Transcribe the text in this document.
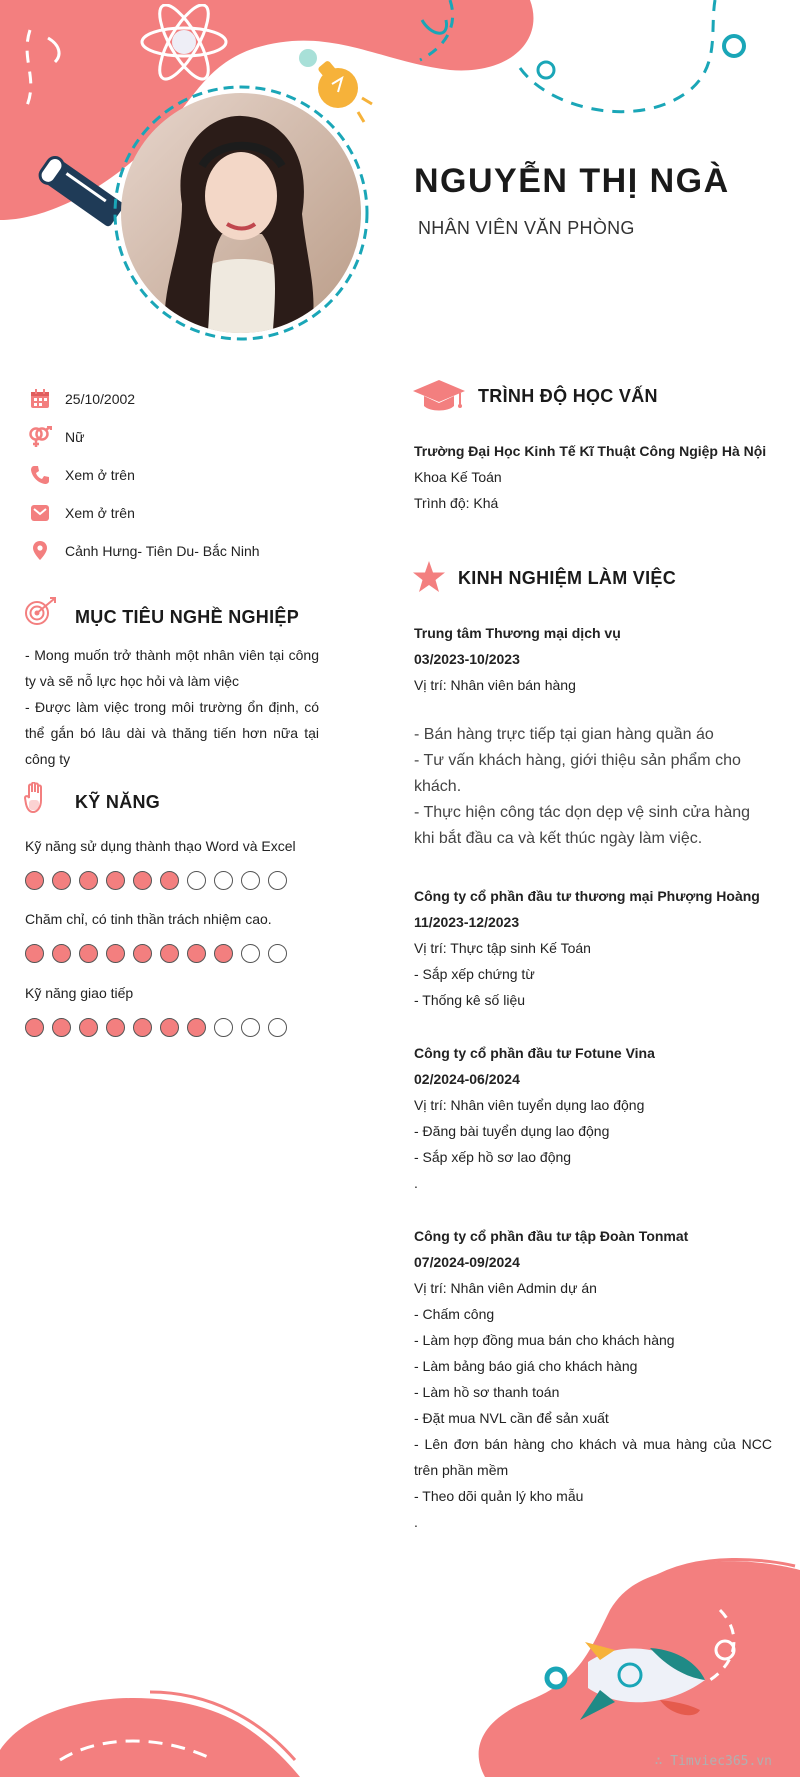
NGUYỄN THỊ NGÀ
NHÂN VIÊN VĂN PHÒNG
25/10/2002
Nữ
Xem ở trên
Xem ở trên
Cảnh Hưng- Tiên Du- Bắc Ninh
MỤC TIÊU NGHỀ NGHIỆP
- Mong muốn trở thành một nhân viên tại công ty và sẽ nỗ lực học hỏi và làm việc
- Được làm việc trong môi trường ổn định, có thể gắn bó lâu dài và thăng tiến hơn nữa tại công ty
KỸ NĂNG
Kỹ năng sử dụng thành thạo Word và Excel
Chăm chỉ, có tinh thần trách nhiệm cao.
Kỹ năng giao tiếp
TRÌNH ĐỘ HỌC VẤN
Trường Đại Học Kinh Tế Kĩ Thuật Công Ngiệp Hà Nội
Khoa Kế Toán
Trình độ: Khá
KINH NGHIỆM LÀM VIỆC
Trung tâm Thương mại dịch vụ
03/2023-10/2023
Vị trí: Nhân viên bán hàng
- Bán hàng trực tiếp tại gian hàng quần áo
- Tư vấn khách hàng, giới thiệu sản phẩm cho khách.
- Thực hiện công tác dọn dẹp vệ sinh cửa hàng khi bắt đầu ca và kết thúc ngày làm việc.
Công ty cổ phần đầu tư thương mại Phượng Hoàng
11/2023-12/2023
Vị trí: Thực tập sinh Kế Toán
- Sắp xếp chứng từ
- Thống kê số liệu
Công ty cổ phần đầu tư Fotune Vina
02/2024-06/2024
Vị trí: Nhân viên tuyển dụng lao động
- Đăng bài tuyển dụng lao động
- Sắp xếp hồ sơ lao động
.
Công ty cổ phần đầu tư tập Đoàn Tonmat
07/2024-09/2024
Vị trí: Nhân viên Admin dự án
- Chấm công
- Làm hợp đồng mua bán cho khách hàng
- Làm bảng báo giá cho khách hàng
- Làm hồ sơ thanh toán
- Đặt mua NVL cần để sản xuất
- Lên đơn bán hàng cho khách và mua hàng của NCC trên phần mềm
- Theo dõi quản lý kho mẫu
.
∴ Timviec365.vn
